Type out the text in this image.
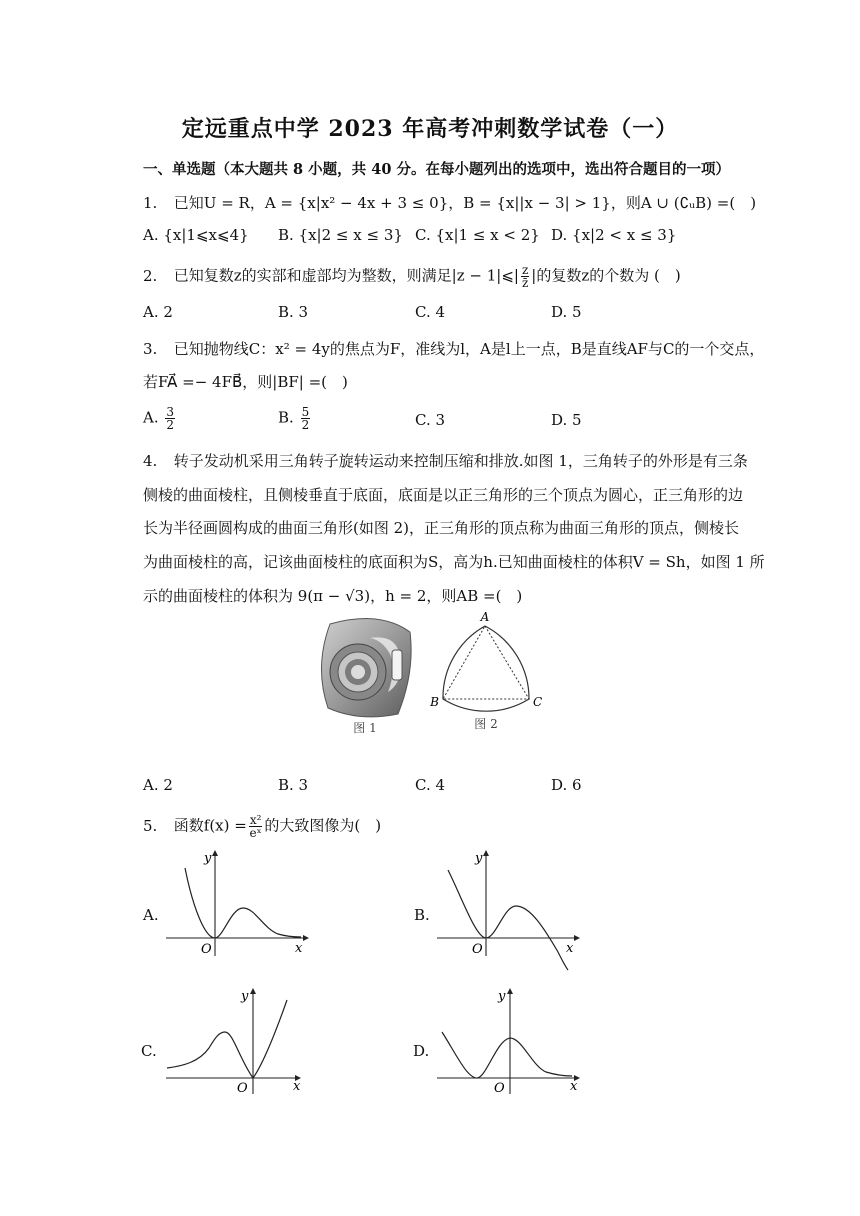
定远重点中学 2023 年高考冲刺数学试卷（一）
一、单选题（本大题共 8 小题，共 40 分。在每小题列出的选项中，选出符合题目的一项）
1. 已知U = R，A = {x|x² − 4x + 3 ≤ 0}，B = {x||x − 3| > 1}，则A ∪ (∁ᵤB) =(　)
A. {x|1⩽x⩽4} B. {x|2 ≤ x ≤ 3} C. {x|1 ≤ x < 2} D. {x|2 < x ≤ 3}
2. 已知复数z的实部和虚部均为整数，则满足|z − 1|⩽| $\frac{z}{z̄}$ |的复数z的个数为 (　)
A. 2	B. 3	C. 4	D. 5
3. 已知抛物线C：x² = 4y的焦点为F，准线为l，A是l上一点，B是直线AF与C的一个交点，
若FA⃗ =− 4FB⃗，则|BF| =(　)
A. $\frac{3}{2}$	B. $\frac{5}{2}$	C. 3	D. 5
4. 转子发动机采用三角转子旋转运动来控制压缩和排放.如图 1，三角转子的外形是有三条
侧棱的曲面棱柱，且侧棱垂直于底面，底面是以正三角形的三个顶点为圆心，正三角形的边
长为半径画圆构成的曲面三角形(如图 2)，正三角形的顶点称为曲面三角形的顶点，侧棱长
为曲面棱柱的高，记该曲面棱柱的底面积为S，高为h.已知曲面棱柱的体积V = Sh，如图 1 所
示的曲面棱柱的体积为 9(π − √3)，h = 2，则AB =(　)
图 1
A
B	C
图 2
A. 2	B. 3	C. 4	D. 6
5. 函数$f(x) = \frac{\text{x²}}{\text{eˣ}}$ 的大致图像为(　)
A.
y
x
O
B.
y
x
O
C.
y
x
O
D.
y
x
O
